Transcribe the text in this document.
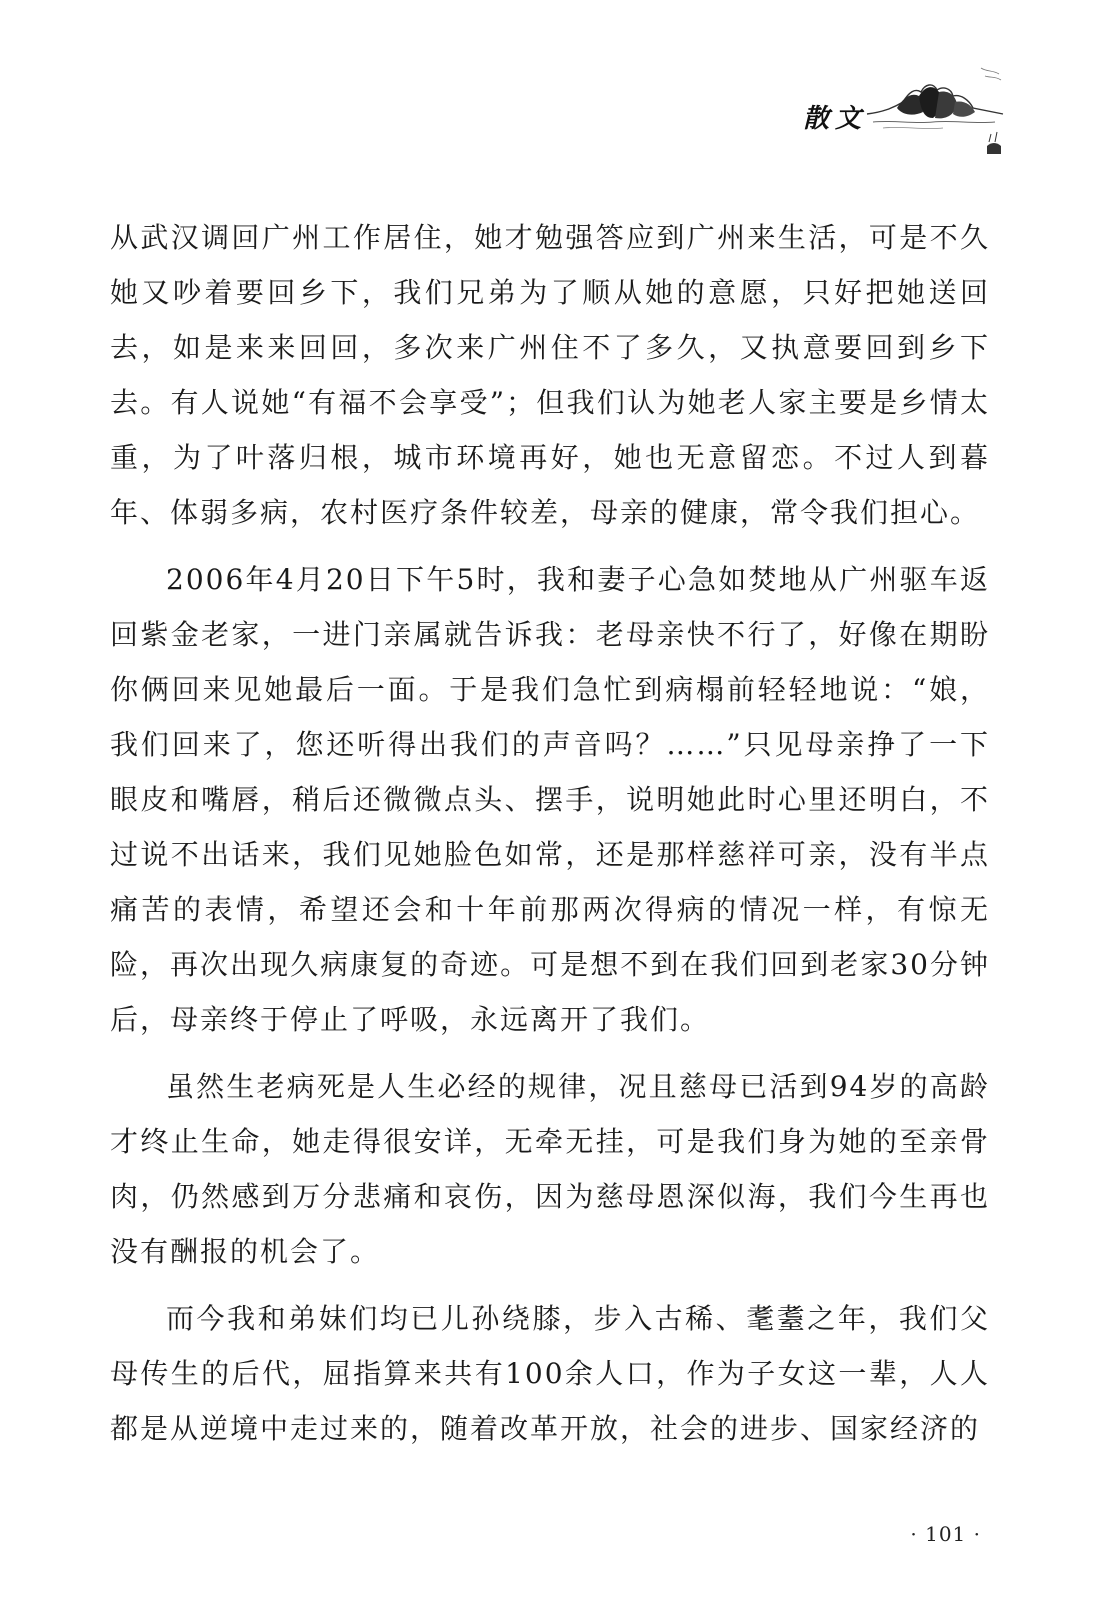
散文

从武汉调回广州工作居住，她才勉强答应到广州来生活，可是不久她又吵着要回乡下，我们兄弟为了顺从她的意愿，只好把她送回去，如是来来回回，多次来广州住不了多久，又执意要回到乡下去。有人说她“有福不会享受”；但我们认为她老人家主要是乡情太重，为了叶落归根，城市环境再好，她也无意留恋。不过人到暮年、体弱多病，农村医疗条件较差，母亲的健康，常令我们担心。

2006年4月20日下午5时，我和妻子心急如焚地从广州驱车返回紫金老家，一进门亲属就告诉我：老母亲快不行了，好像在期盼你俩回来见她最后一面。于是我们急忙到病榻前轻轻地说：“娘，我们回来了，您还听得出我们的声音吗？……”只见母亲挣了一下眼皮和嘴唇，稍后还微微点头、摆手，说明她此时心里还明白，不过说不出话来，我们见她脸色如常，还是那样慈祥可亲，没有半点痛苦的表情，希望还会和十年前那两次得病的情况一样，有惊无险，再次出现久病康复的奇迹。可是想不到在我们回到老家30分钟后，母亲终于停止了呼吸，永远离开了我们。

虽然生老病死是人生必经的规律，况且慈母已活到94岁的高龄才终止生命，她走得很安详，无牵无挂，可是我们身为她的至亲骨肉，仍然感到万分悲痛和哀伤，因为慈母恩深似海，我们今生再也没有酬报的机会了。

而今我和弟妹们均已儿孙绕膝，步入古稀、耄耋之年，我们父母传生的后代，屈指算来共有100余人口，作为子女这一辈，人人都是从逆境中走过来的，随着改革开放，社会的进步、国家经济的

· 101 ·
